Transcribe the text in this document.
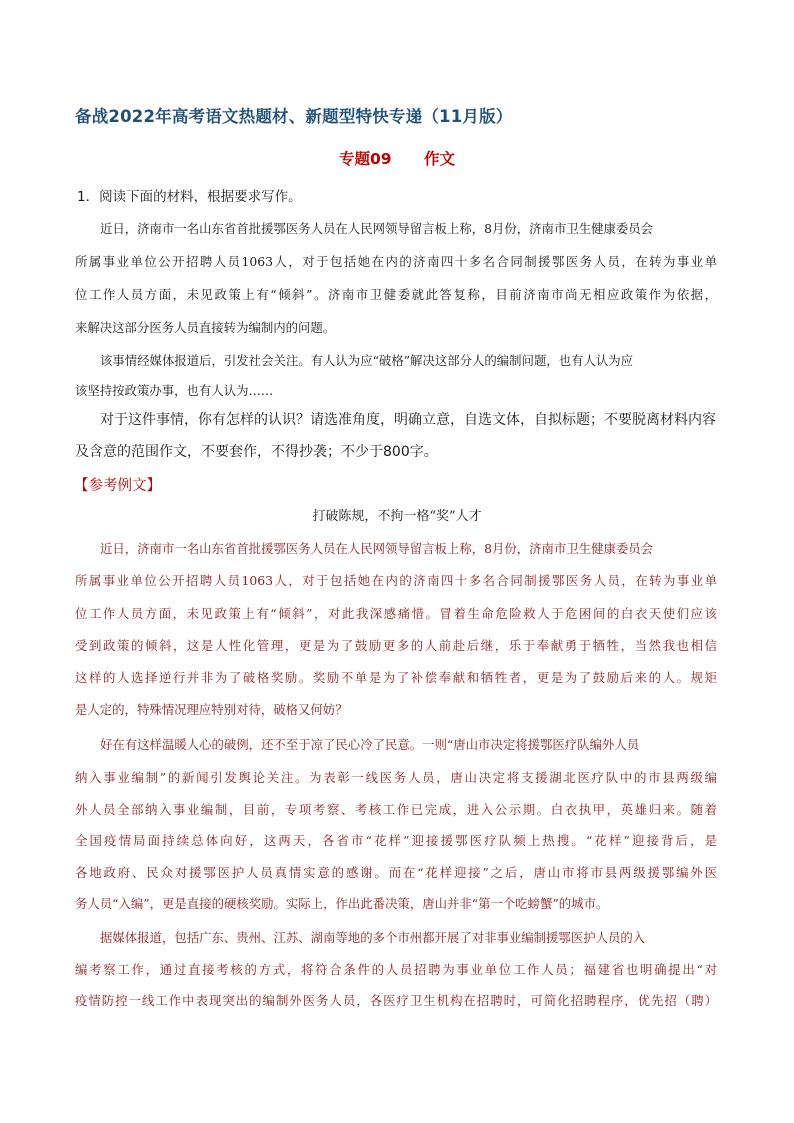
备战2022年高考语文热题材、新题型特快专递（11月版）
专题09      作文
1．阅读下面的材料，根据要求写作。
近日，济南市一名山东省首批援鄂医务人员在人民网领导留言板上称，8月份，济南市卫生健康委员会
所属事业单位公开招聘人员1063人，对于包括她在内的济南四十多名合同制援鄂医务人员，在转为事业单
位工作人员方面，未见政策上有“倾斜”。济南市卫健委就此答复称，目前济南市尚无相应政策作为依据，
来解决这部分医务人员直接转为编制内的问题。
该事情经媒体报道后，引发社会关注。有人认为应“破格”解决这部分人的编制问题，也有人认为应
该坚持按政策办事，也有人认为……
对于这件事情，你有怎样的认识？请选准角度，明确立意，自选文体，自拟标题；不要脱离材料内容
及含意的范围作文，不要套作，不得抄袭；不少于800字。
【参考例文】
打破陈规，不拘一格“奖”人才
近日，济南市一名山东省首批援鄂医务人员在人民网领导留言板上称，8月份，济南市卫生健康委员会
所属事业单位公开招聘人员1063人，对于包括她在内的济南四十多名合同制援鄂医务人员，在转为事业单
位工作人员方面，未见政策上有“倾斜”，对此我深感痛惜。冒着生命危险救人于危困间的白衣天使们应该
受到政策的倾斜，这是人性化管理，更是为了鼓励更多的人前赴后继，乐于奉献勇于牺牲，当然我也相信
这样的人选择逆行并非为了破格奖励。奖励不单是为了补偿奉献和牺牲者，更是为了鼓励后来的人。规矩
是人定的，特殊情况理应特别对待，破格又何妨？
好在有这样温暖人心的破例，还不至于凉了民心冷了民意。一则“唐山市决定将援鄂医疗队编外人员
纳入事业编制”的新闻引发舆论关注。为表彰一线医务人员，唐山决定将支援湖北医疗队中的市县两级编
外人员全部纳入事业编制，目前，专项考察、考核工作已完成，进入公示期。白衣执甲，英雄归来。随着
全国疫情局面持续总体向好，这两天，各省市“花样”迎接援鄂医疗队频上热搜。“花样”迎接背后，是
各地政府、民众对援鄂医护人员真情实意的感谢。而在“花样迎接”之后，唐山市将市县两级援鄂编外医
务人员“入编”，更是直接的硬核奖励。实际上，作出此番决策，唐山并非“第一个吃螃蟹”的城市。
据媒体报道，包括广东、贵州、江苏、湖南等地的多个市州都开展了对非事业编制援鄂医护人员的入
编考察工作，通过直接考核的方式，将符合条件的人员招聘为事业单位工作人员；福建省也明确提出“对
疫情防控一线工作中表现突出的编制外医务人员，各医疗卫生机构在招聘时，可简化招聘程序，优先招（聘）
